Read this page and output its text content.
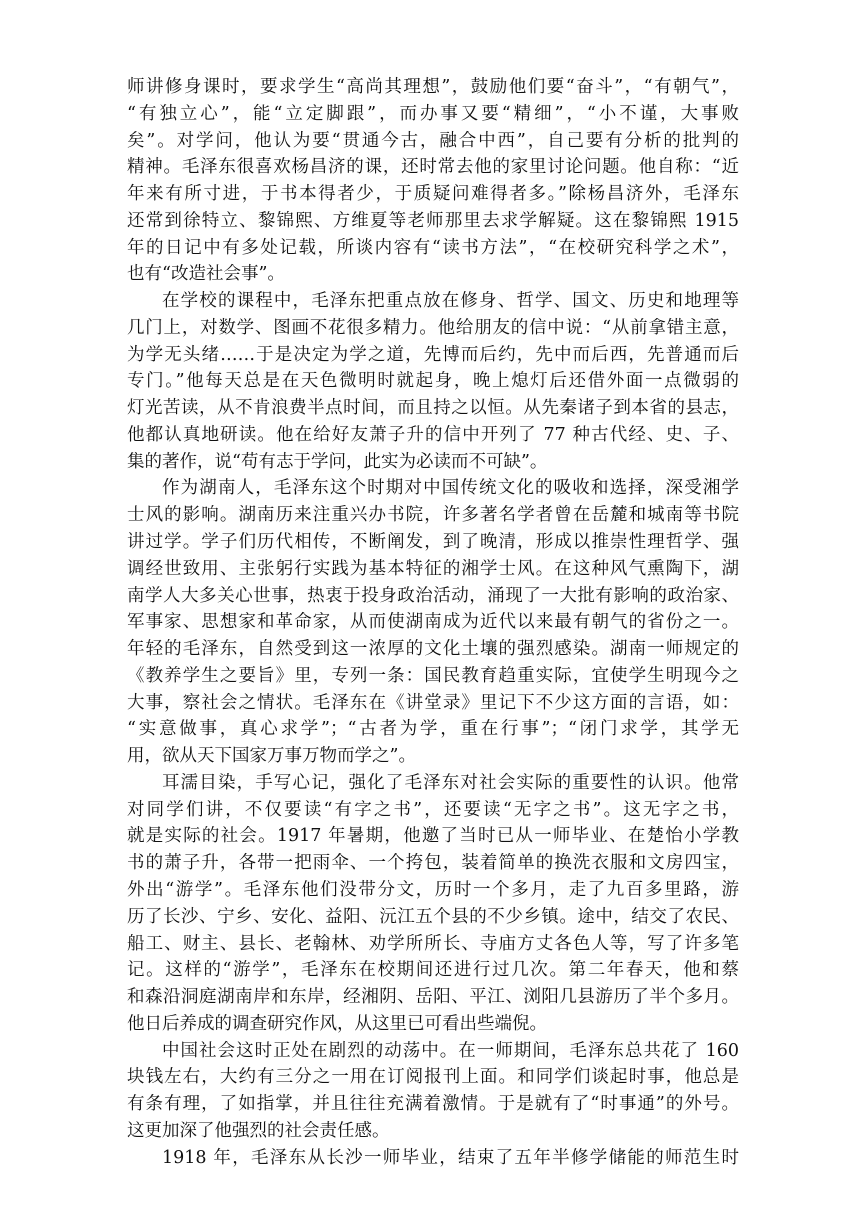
师讲修身课时，要求学生“高尚其理想”，鼓励他们要“奋斗”，“有朝气”，
“有独立心”，能“立定脚跟”，而办事又要“精细”，“小不谨，大事败
矣”。对学问，他认为要“贯通今古，融合中西”，自己要有分析的批判的
精神。毛泽东很喜欢杨昌济的课，还时常去他的家里讨论问题。他自称：“近
年来有所寸进，于书本得者少，于质疑问难得者多。”除杨昌济外，毛泽东
还常到徐特立、黎锦熙、方维夏等老师那里去求学解疑。这在黎锦熙 1915
年的日记中有多处记载，所谈内容有“读书方法”，“在校研究科学之术”，
也有“改造社会事”。
在学校的课程中，毛泽东把重点放在修身、哲学、国文、历史和地理等
几门上，对数学、图画不花很多精力。他给朋友的信中说：“从前拿错主意，
为学无头绪……于是决定为学之道，先博而后约，先中而后西，先普通而后
专门。”他每天总是在天色微明时就起身，晚上熄灯后还借外面一点微弱的
灯光苦读，从不肯浪费半点时间，而且持之以恒。从先秦诸子到本省的县志，
他都认真地研读。他在给好友萧子升的信中开列了 77 种古代经、史、子、
集的著作，说“苟有志于学问，此实为必读而不可缺”。
作为湖南人，毛泽东这个时期对中国传统文化的吸收和选择，深受湘学
士风的影响。湖南历来注重兴办书院，许多著名学者曾在岳麓和城南等书院
讲过学。学子们历代相传，不断阐发，到了晚清，形成以推崇性理哲学、强
调经世致用、主张躬行实践为基本特征的湘学士风。在这种风气熏陶下，湖
南学人大多关心世事，热衷于投身政治活动，涌现了一大批有影响的政治家、
军事家、思想家和革命家，从而使湖南成为近代以来最有朝气的省份之一。
年轻的毛泽东，自然受到这一浓厚的文化土壤的强烈感染。湖南一师规定的
《教养学生之要旨》里，专列一条：国民教育趋重实际，宜使学生明现今之
大事，察社会之情状。毛泽东在《讲堂录》里记下不少这方面的言语，如：
“实意做事，真心求学”；“古者为学，重在行事”；“闭门求学，其学无
用，欲从天下国家万事万物而学之”。
耳濡目染，手写心记，强化了毛泽东对社会实际的重要性的认识。他常
对同学们讲，不仅要读“有字之书”，还要读“无字之书”。这无字之书，
就是实际的社会。1917 年暑期，他邀了当时已从一师毕业、在楚怡小学教
书的萧子升，各带一把雨伞、一个挎包，装着简单的换洗衣服和文房四宝，
外出“游学”。毛泽东他们没带分文，历时一个多月，走了九百多里路，游
历了长沙、宁乡、安化、益阳、沅江五个县的不少乡镇。途中，结交了农民、
船工、财主、县长、老翰林、劝学所所长、寺庙方丈各色人等，写了许多笔
记。这样的“游学”，毛泽东在校期间还进行过几次。第二年春天，他和蔡
和森沿洞庭湖南岸和东岸，经湘阴、岳阳、平江、浏阳几县游历了半个多月。
他日后养成的调查研究作风，从这里已可看出些端倪。
中国社会这时正处在剧烈的动荡中。在一师期间，毛泽东总共花了 160
块钱左右，大约有三分之一用在订阅报刊上面。和同学们谈起时事，他总是
有条有理，了如指掌，并且往往充满着激情。于是就有了“时事通”的外号。
这更加深了他强烈的社会责任感。
1918 年，毛泽东从长沙一师毕业，结束了五年半修学储能的师范生时
